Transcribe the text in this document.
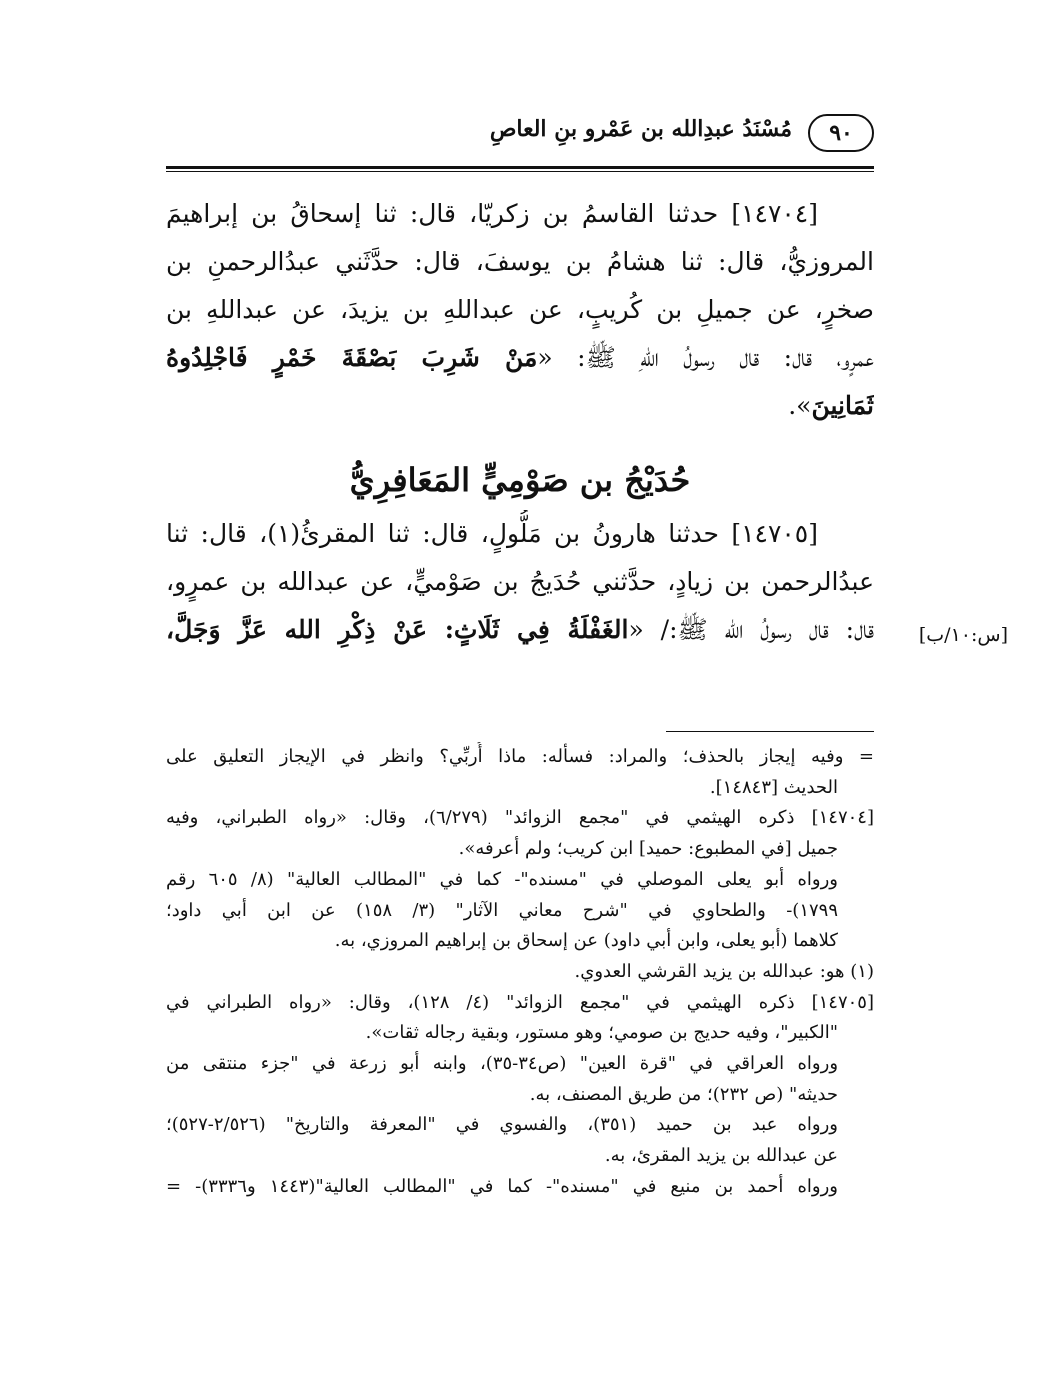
٩٠
مُسْنَدُ عبدِالله بن عَمْرو بنِ العاصِ
[١٤٧٠٤] حدثنا القاسمُ بن زكريّا، قال: ثنا إسحاقُ بن إبراهيمَ
المروزيُّ، قال: ثنا هشامُ بن يوسفَ، قال: حدَّثَني عبدُالرحمنِ بن
صخرٍ، عن جميلِ بن كُريبٍ، عن عبداللهِ بن يزيدَ، عن عبداللهِ بن
عمرٍو، قال: قال رسولُ اللهِ ﷺ: «مَنْ شَرِبَ بَصْقَةَ خَمْرٍ فَاجْلِدُوهُ
ثَمَانِينَ».
حُدَيْجُ بن صَوْمِيٍّ المَعَافِرِيُّ
[١٤٧٠٥] حدثنا هارونُ بن مَلُّولٍ، قال: ثنا المقرئُ(١)، قال: ثنا
عبدُالرحمن بن زيادٍ، حدَّثني حُدَيجُ بن صَوْميٍّ، عن عبدالله بن عمرٍو،
قال: قال رسولُ الله ﷺ:/ «الغَفْلَةُ فِي ثَلَاثٍ: عَنْ ذِكْرِ الله عَزَّ وَجَلَّ،	[س:١٠/ب]
= وفيه إيجاز بالحذف؛ والمراد: فسأله: ماذا أُربِّي؟ وانظر في الإيجاز التعليق على
الحديث [١٤٨٤٣].
[١٤٧٠٤] ذكره الهيثمي في "مجمع الزوائد" (٦/٢٧٩)، وقال: «رواه الطبراني، وفيه
جميل [في المطبوع: حميد] ابن كريب؛ ولم أعرفه».
ورواه أبو يعلى الموصلي في "مسنده"- كما في "المطالب العالية" (٨/ ٦٠٥ رقم
١٧٩٩)- والطحاوي في "شرح معاني الآثار" (٣/ ١٥٨) عن ابن أبي داود؛
كلاهما (أبو يعلى، وابن أبي داود) عن إسحاق بن إبراهيم المروزي، به.
(١) هو: عبدالله بن يزيد القرشي العدوي.
[١٤٧٠٥] ذكره الهيثمي في "مجمع الزوائد" (٤/ ١٢٨)، وقال: «رواه الطبراني في
"الكبير"، وفيه حديج بن صومي؛ وهو مستور، وبقية رجاله ثقات».
ورواه العراقي في "قرة العين" (ص٣٤-٣٥)، وابنه أبو زرعة في "جزء منتقى من
حديثه" (ص ٢٣٢)؛ من طريق المصنف، به.
ورواه عبد بن حميد (٣٥١)، والفسوي في "المعرفة والتاريخ" (٢/٥٢٦-٥٢٧)؛
عن عبدالله بن يزيد المقرئ، به.
ورواه أحمد بن منيع في "مسنده"- كما في "المطالب العالية"(١٤٤٣ و٣٣٣٦)- =
